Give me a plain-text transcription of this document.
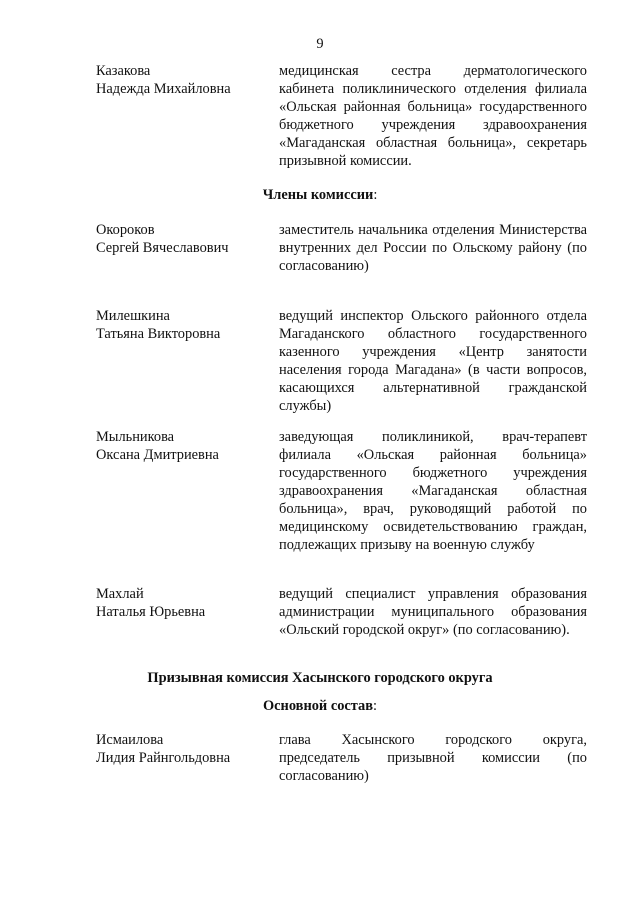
9
Казакова
Надежда Михайловна
медицинская сестра дерматологического кабинета поликлинического отделения филиала «Ольская районная больница» государственного бюджетного учреждения здравоохранения «Магаданская областная больница», секретарь призывной комиссии.
Члены комиссии:
Окороков
Сергей Вячеславович
заместитель начальника отделения Министерства внутренних дел России по Ольскому району (по согласованию)
Милешкина
Татьяна Викторовна
ведущий инспектор Ольского районного отдела Магаданского областного государственного казенного учреждения «Центр занятости населения города Магадана» (в части вопросов, касающихся альтернативной гражданской службы)
Мыльникова
Оксана Дмитриевна
заведующая поликлиникой, врач-терапевт филиала «Ольская районная больница» государственного бюджетного учреждения здравоохранения «Магаданская областная больница», врач, руководящий работой по медицинскому освидетельствованию граждан, подлежащих призыву на военную службу
Махлай
Наталья Юрьевна
ведущий специалист управления образования администрации муниципального образования «Ольский городской округ» (по согласованию).
Призывная комиссия Хасынского городского округа
Основной состав:
Исмаилова
Лидия Райнгольдовна
глава Хасынского городского округа, председатель призывной комиссии (по согласованию)
